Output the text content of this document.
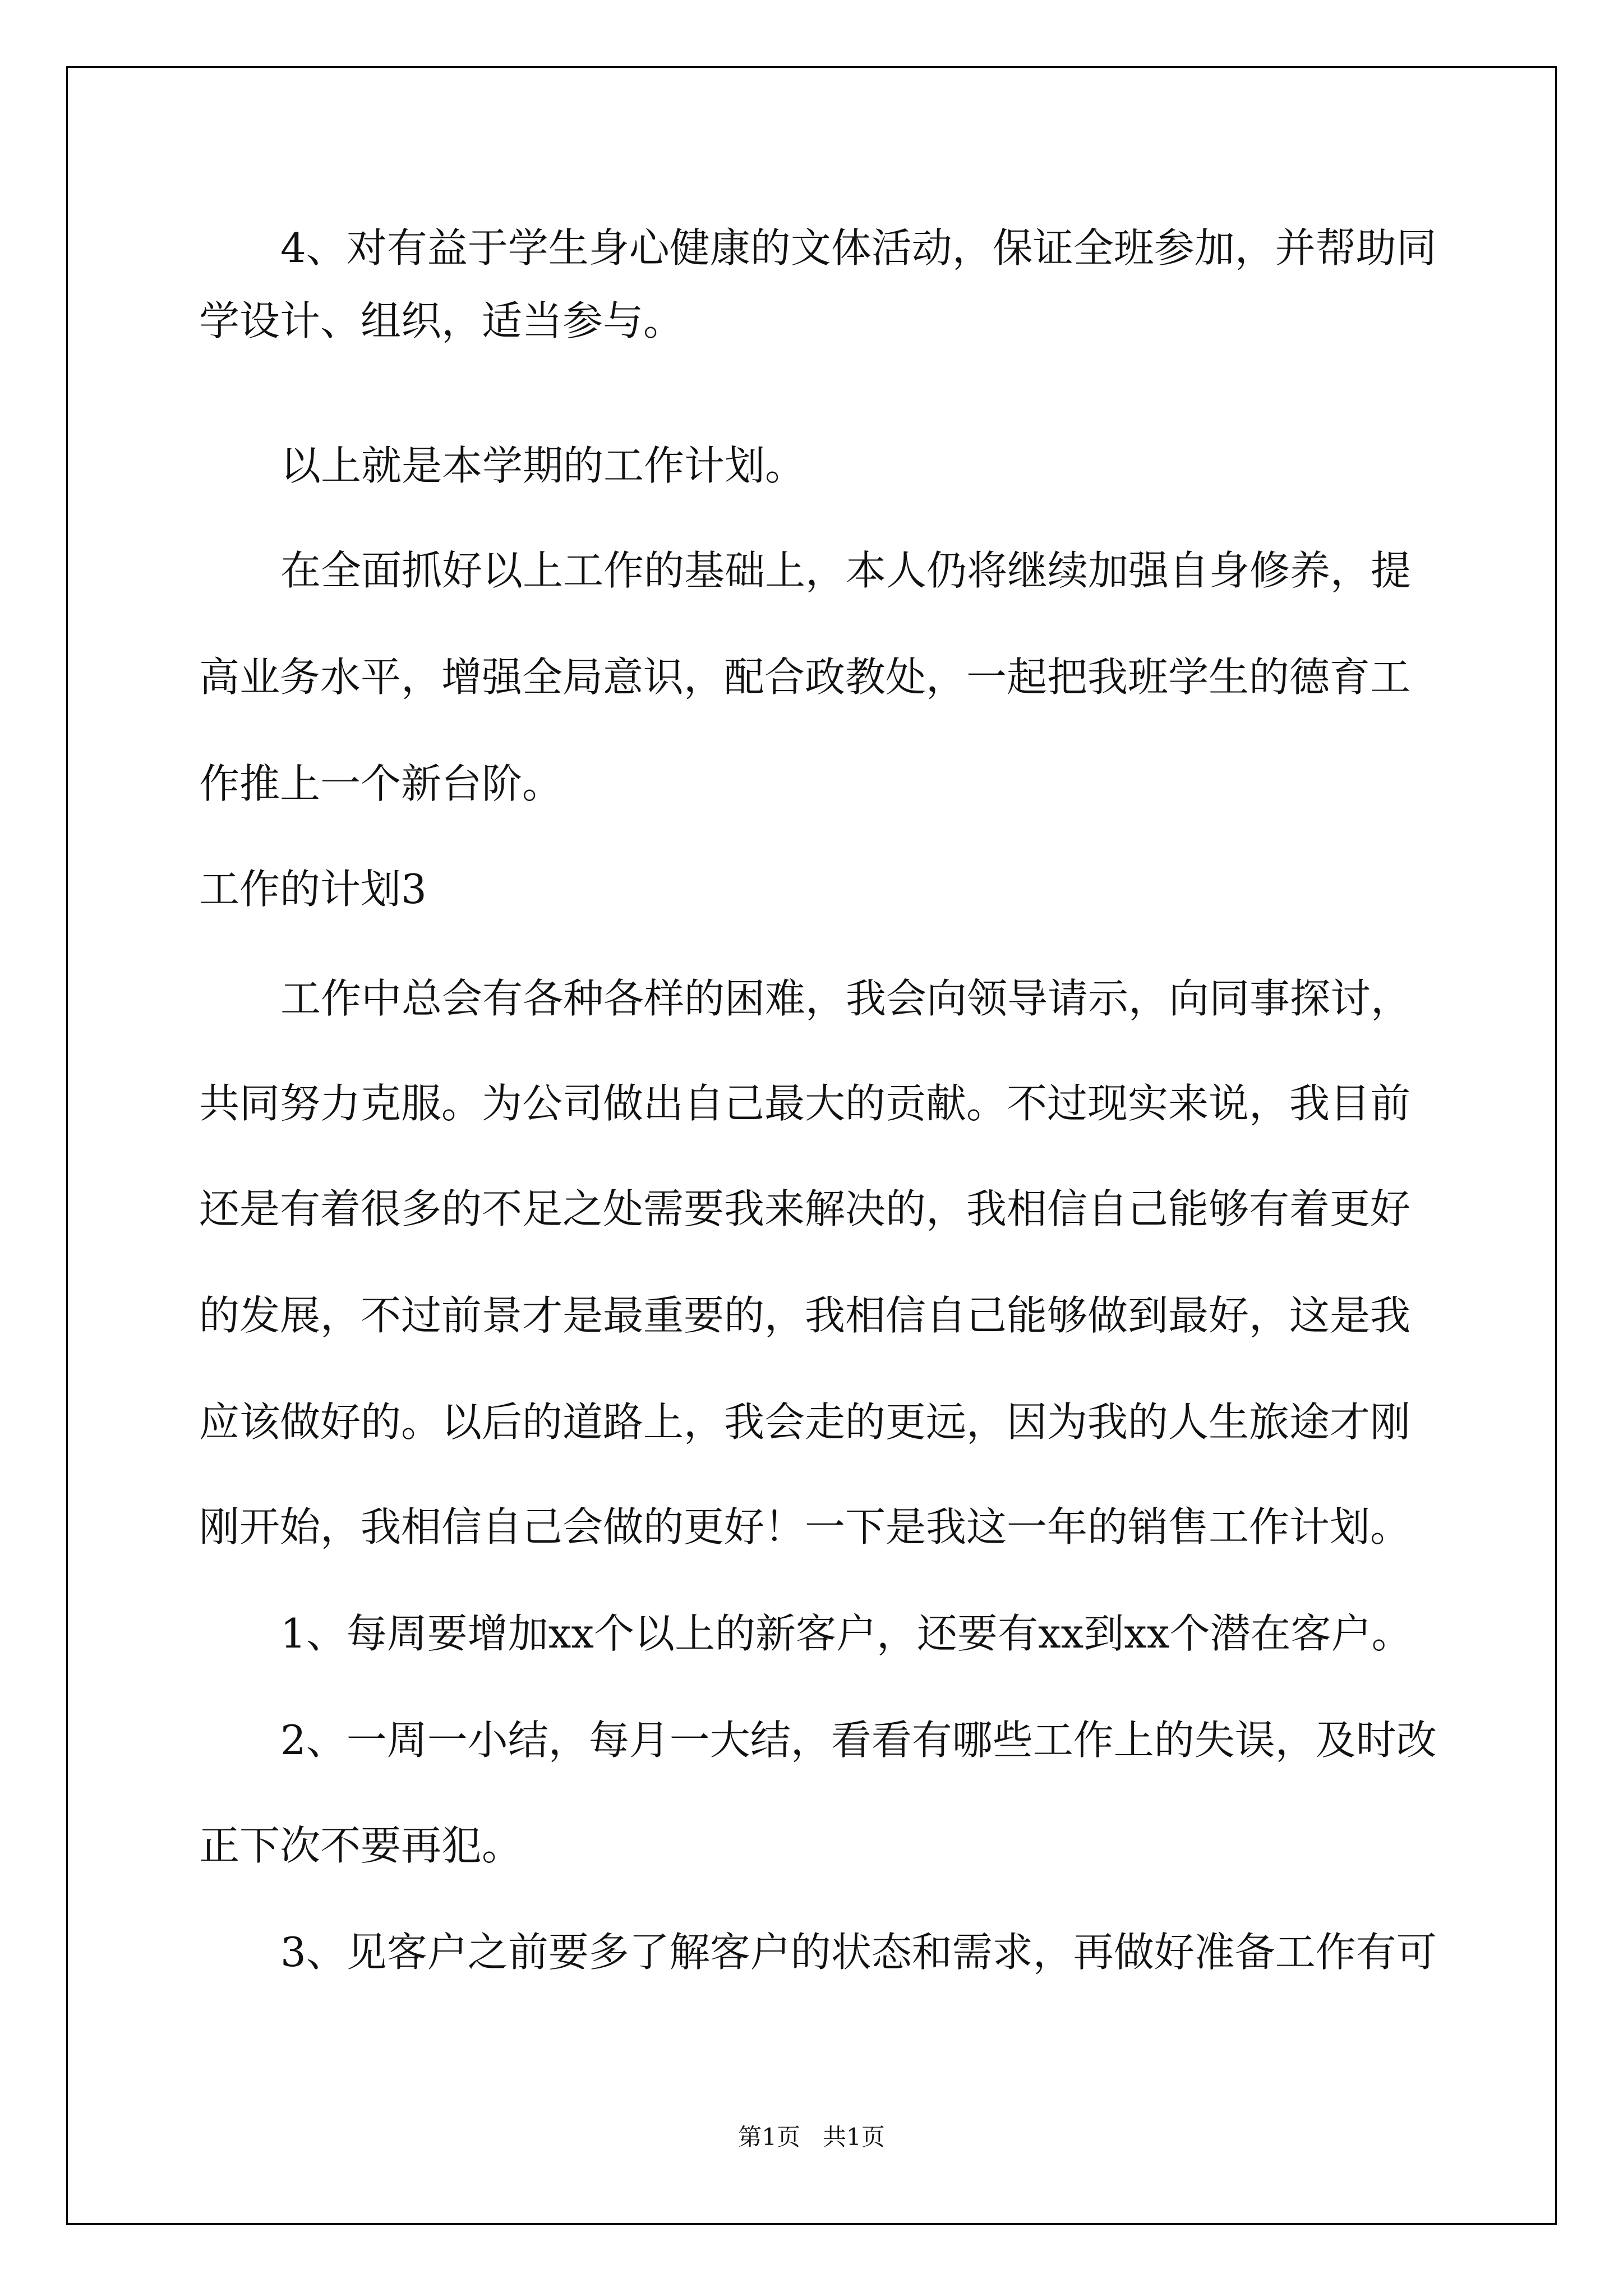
4、对有益于学生身心健康的文体活动，保证全班参加，并帮助同

学设计、组织，适当参与。

以上就是本学期的工作计划。

在全面抓好以上工作的基础上，本人仍将继续加强自身修养，提

高业务水平，增强全局意识，配合政教处，一起把我班学生的德育工

作推上一个新台阶。

工作的计划3

工作中总会有各种各样的困难，我会向领导请示，向同事探讨，

共同努力克服。为公司做出自己最大的贡献。不过现实来说，我目前

还是有着很多的不足之处需要我来解决的，我相信自己能够有着更好

的发展，不过前景才是最重要的，我相信自己能够做到最好，这是我

应该做好的。以后的道路上，我会走的更远，因为我的人生旅途才刚

刚开始，我相信自己会做的更好！一下是我这一年的销售工作计划。

1、每周要增加xx个以上的新客户，还要有xx到xx个潜在客户。

2、一周一小结，每月一大结，看看有哪些工作上的失误，及时改

正下次不要再犯。

3、见客户之前要多了解客户的状态和需求，再做好准备工作有可

第1页 共1页
